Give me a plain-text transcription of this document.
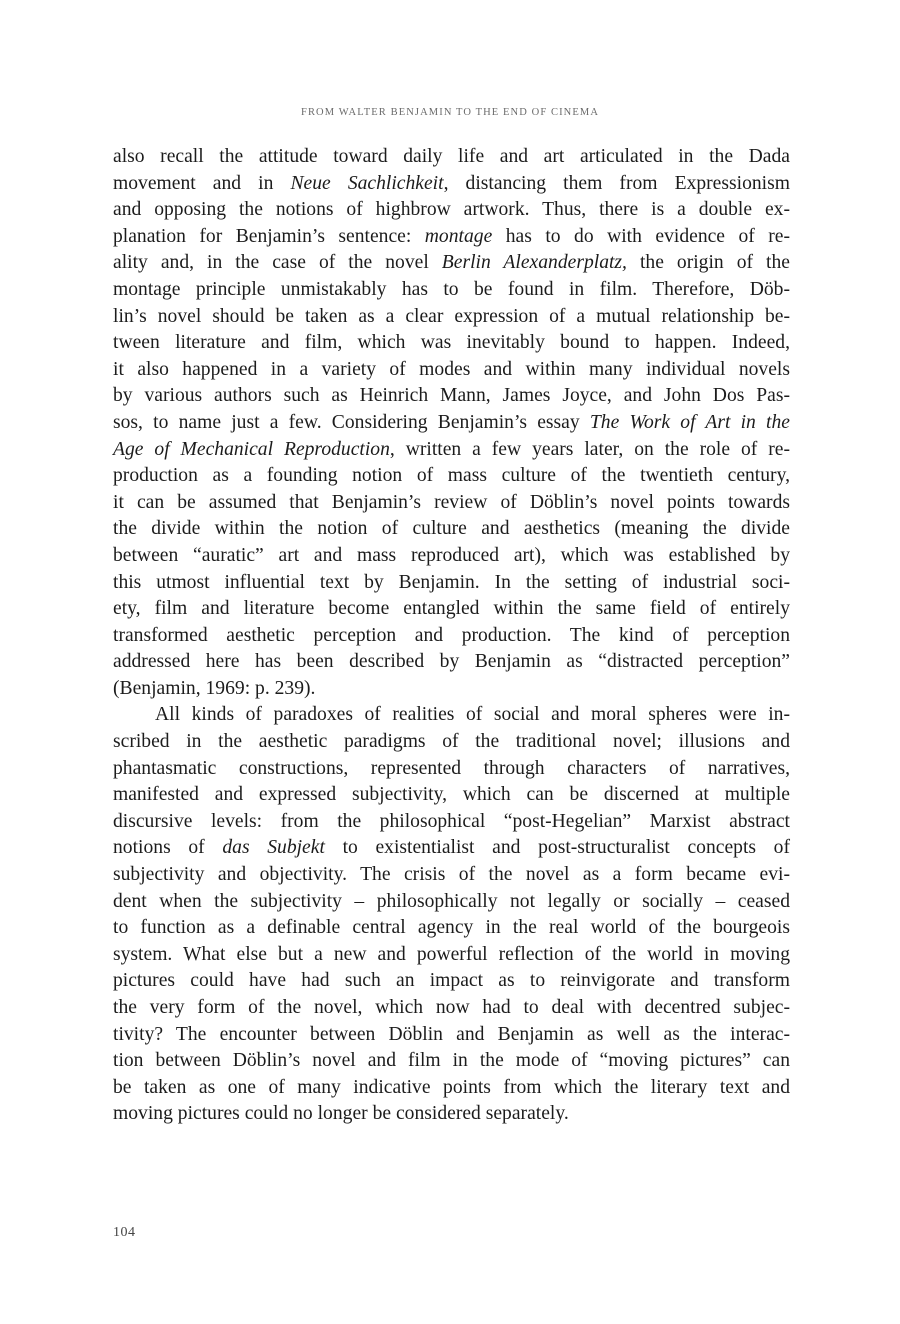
FROM WALTER BENJAMIN TO THE END OF CINEMA
also recall the attitude toward daily life and art articulated in the Dada
movement and in Neue Sachlichkeit, distancing them from Expressionism
and opposing the notions of highbrow artwork. Thus, there is a double ex-
planation for Benjamin’s sentence: montage has to do with evidence of re-
ality and, in the case of the novel Berlin Alexanderplatz, the origin of the
montage principle unmistakably has to be found in film. Therefore, Döb-
lin’s novel should be taken as a clear expression of a mutual relationship be-
tween literature and film, which was inevitably bound to happen. Indeed,
it also happened in a variety of modes and within many individual novels
by various authors such as Heinrich Mann, James Joyce, and John Dos Pas-
sos, to name just a few. Considering Benjamin’s essay The Work of Art in the
Age of Mechanical Reproduction, written a few years later, on the role of re-
production as a founding notion of mass culture of the twentieth century,
it can be assumed that Benjamin’s review of Döblin’s novel points towards
the divide within the notion of culture and aesthetics (meaning the divide
between “auratic” art and mass reproduced art), which was established by
this utmost influential text by Benjamin. In the setting of industrial soci-
ety, film and literature become entangled within the same field of entirely
transformed aesthetic perception and production. The kind of perception
addressed here has been described by Benjamin as “distracted perception”
(Benjamin, 1969: p. 239).
All kinds of paradoxes of realities of social and moral spheres were in-
scribed in the aesthetic paradigms of the traditional novel; illusions and
phantasmatic constructions, represented through characters of narratives,
manifested and expressed subjectivity, which can be discerned at multiple
discursive levels: from the philosophical “post-Hegelian” Marxist abstract
notions of das Subjekt to existentialist and post-structuralist concepts of
subjectivity and objectivity. The crisis of the novel as a form became evi-
dent when the subjectivity – philosophically not legally or socially – ceased
to function as a definable central agency in the real world of the bourgeois
system. What else but a new and powerful reflection of the world in moving
pictures could have had such an impact as to reinvigorate and transform
the very form of the novel, which now had to deal with decentred subjec-
tivity? The encounter between Döblin and Benjamin as well as the interac-
tion between Döblin’s novel and film in the mode of “moving pictures” can
be taken as one of many indicative points from which the literary text and
moving pictures could no longer be considered separately.
104
